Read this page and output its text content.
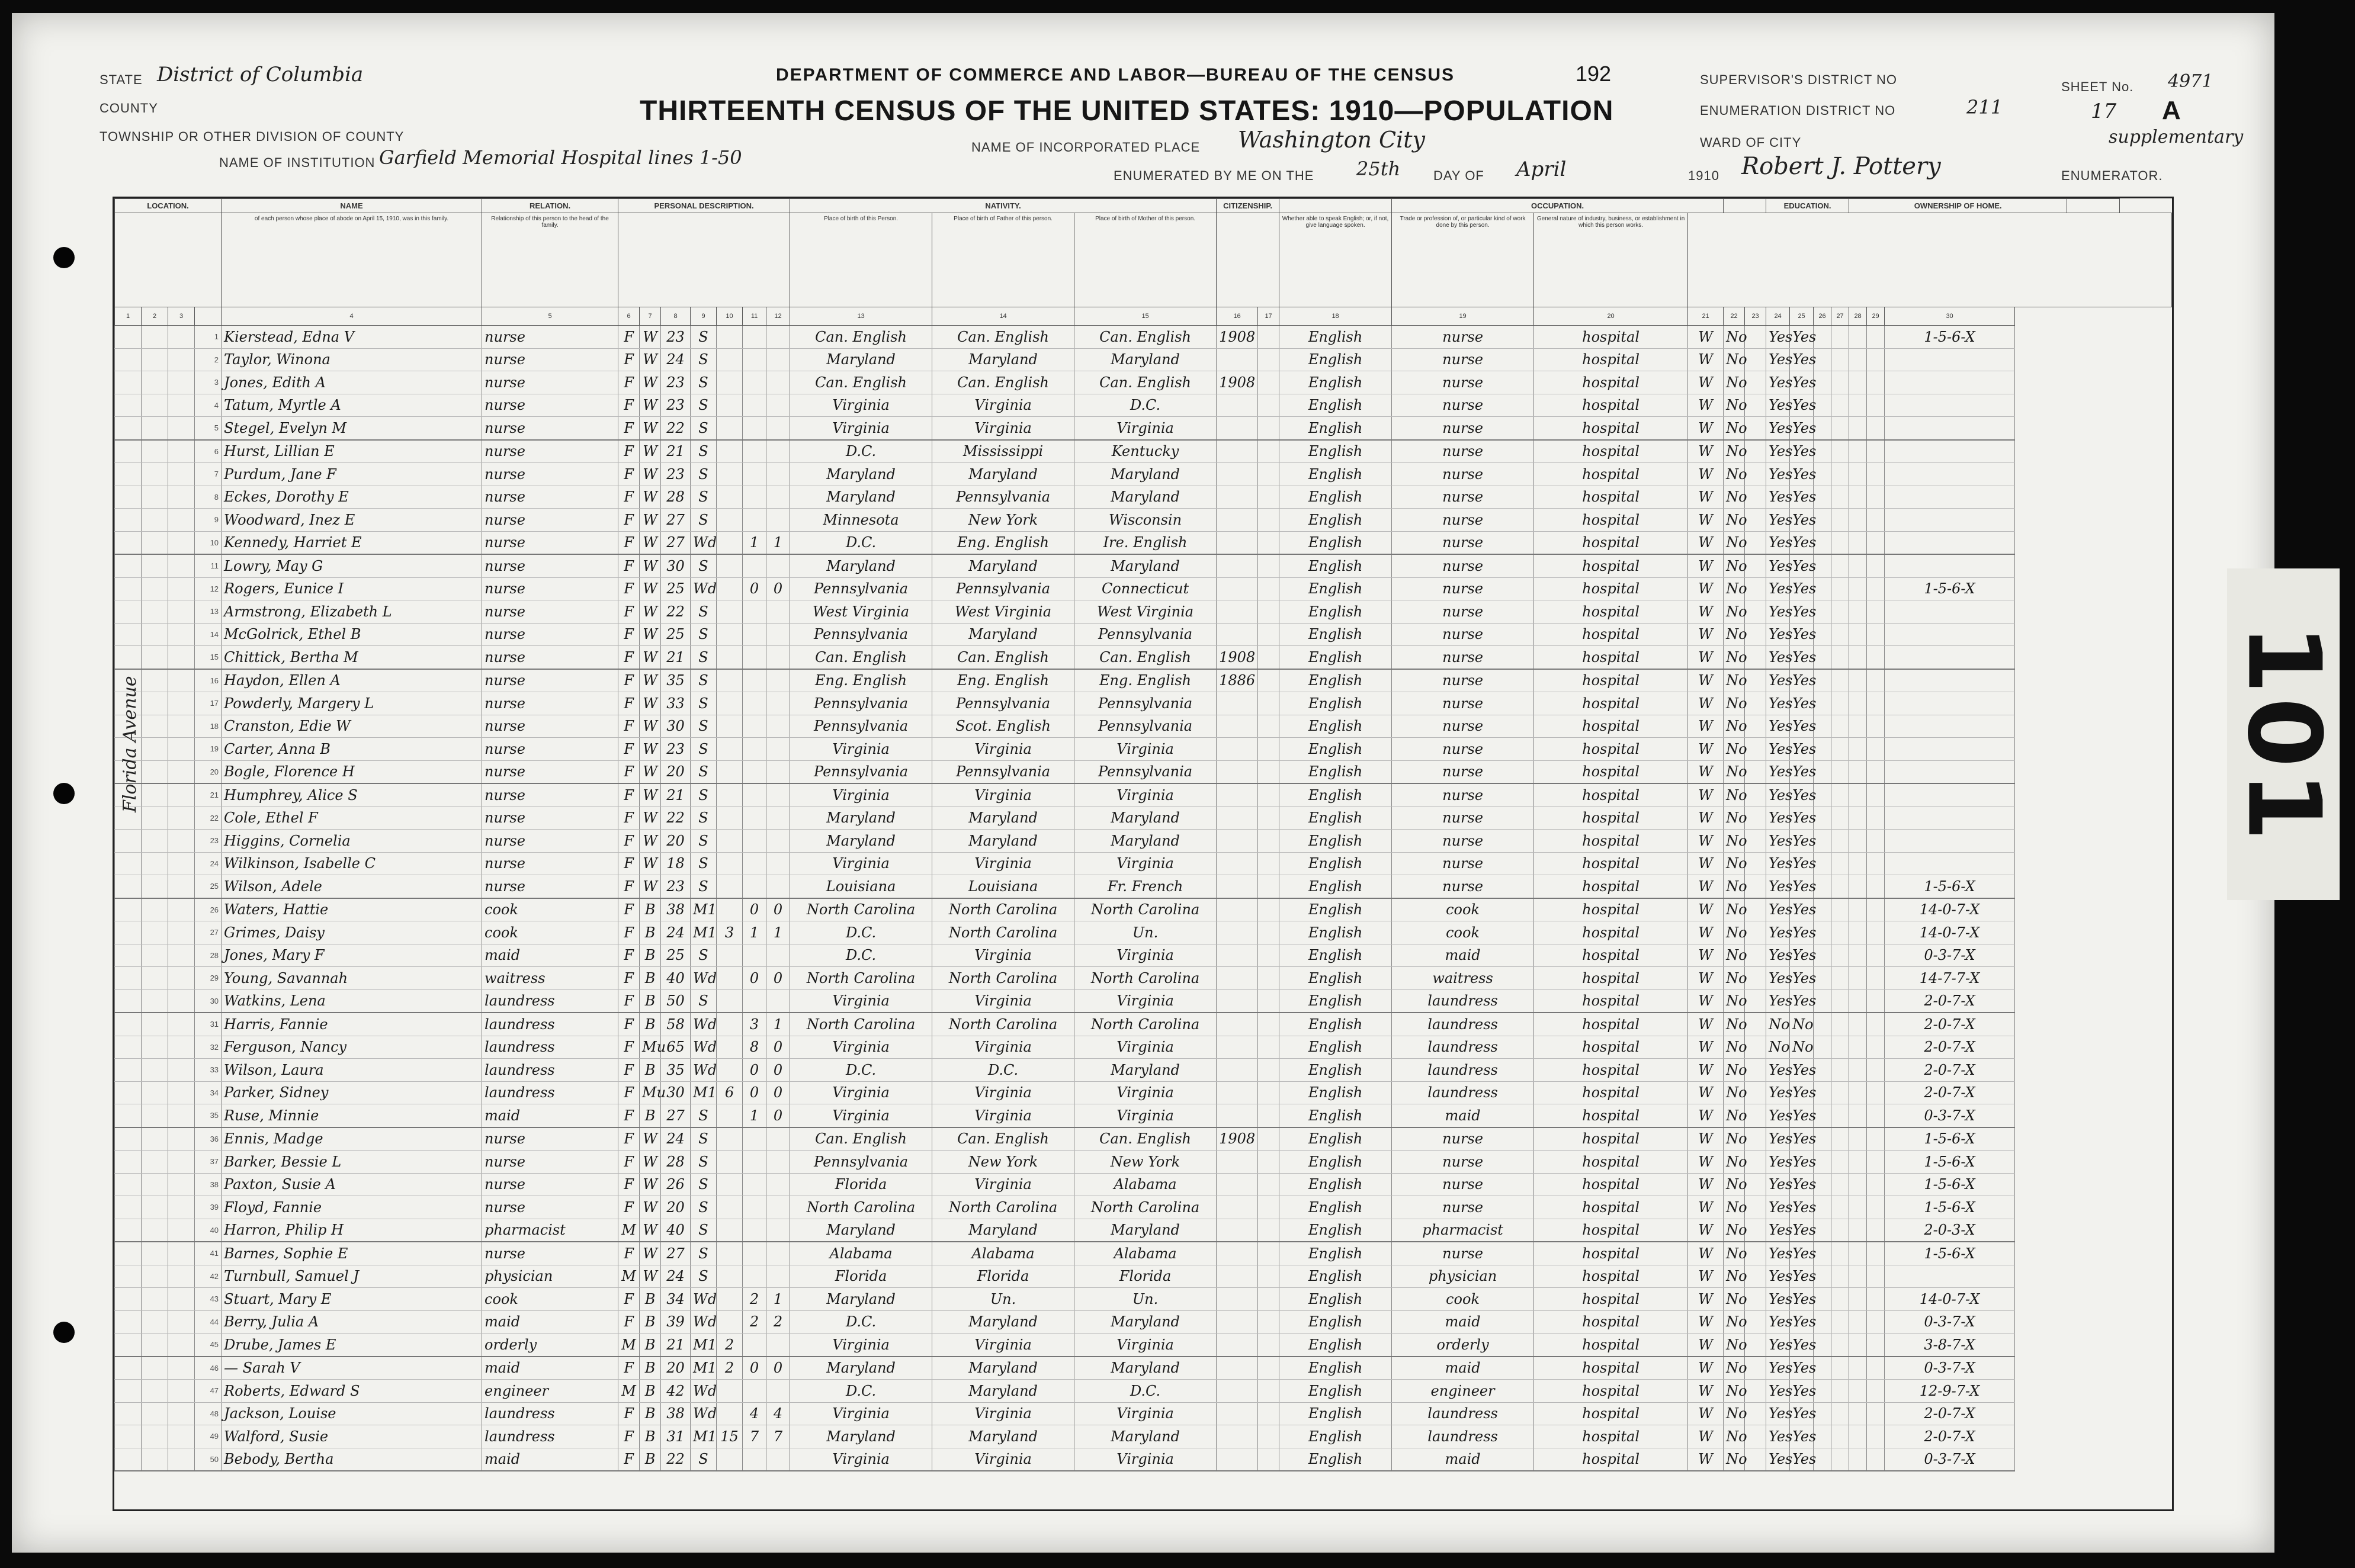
STATE District of Columbia
COUNTY
TOWNSHIP OR OTHER DIVISION OF COUNTY
NAME OF INSTITUTION Garfield Memorial Hospital lines 1-50
DEPARTMENT OF COMMERCE AND LABOR—BUREAU OF THE CENSUS
THIRTEENTH CENSUS OF THE UNITED STATES: 1910—POPULATION
192
NAME OF INCORPORATED PLACE Washington City
ENUMERATED BY ME ON THE 25th	DAY OF April	1910 Robert J. Pottery
SUPERVISOR'S DISTRICT NO
ENUMERATION DISTRICT NO	211
WARD OF CITY
SHEET No. 4971
17 A
supplementary
ENUMERATOR.
LOCATION.				NAME	RELATION.	PERSONAL DESCRIPTION.							NATIVITY.			CITIZENSHIP.			OCCUPATION.					EDUCATION.				OWNERSHIP OF HOME.			
				of each person whose place of abode on April 15, 1910, was in this family.	Relationship of this person to the head of the family.								Place of birth of this Person.	Place of birth of Father of this person.	Place of birth of Mother of this person.			Whether able to speak English; or, if not, give language spoken.	Trade or profession of, or particular kind of work done by this person.	General nature of industry, business, or establishment in which this person works.											
1	2	3		4	5	6	7	8	9	10	11	12	13	14	15	16	17	18	19	20	21	22	23	24	25	26	27	28	29	30	
			1	Kierstead, Edna V	nurse	F	W	23	S				Can. English	Can. English	Can. English	1908		English	nurse	hospital	W	No		Yes	Yes					1-5-6-X	
			2	Taylor, Winona	nurse	F	W	24	S				Maryland	Maryland	Maryland			English	nurse	hospital	W	No		Yes	Yes						
			3	Jones, Edith A	nurse	F	W	23	S				Can. English	Can. English	Can. English	1908		English	nurse	hospital	W	No		Yes	Yes						
			4	Tatum, Myrtle A	nurse	F	W	23	S				Virginia	Virginia	D.C.			English	nurse	hospital	W	No		Yes	Yes						
			5	Stegel, Evelyn M	nurse	F	W	22	S				Virginia	Virginia	Virginia			English	nurse	hospital	W	No		Yes	Yes						
			6	Hurst, Lillian E	nurse	F	W	21	S				D.C.	Mississippi	Kentucky			English	nurse	hospital	W	No		Yes	Yes						
			7	Purdum, Jane F	nurse	F	W	23	S				Maryland	Maryland	Maryland			English	nurse	hospital	W	No		Yes	Yes						
			8	Eckes, Dorothy E	nurse	F	W	28	S				Maryland	Pennsylvania	Maryland			English	nurse	hospital	W	No		Yes	Yes						
			9	Woodward, Inez E	nurse	F	W	27	S				Minnesota	New York	Wisconsin			English	nurse	hospital	W	No		Yes	Yes						
			10	Kennedy, Harriet E	nurse	F	W	27	Wd		1	1	D.C.	Eng. English	Ire. English			English	nurse	hospital	W	No		Yes	Yes						
			11	Lowry, May G	nurse	F	W	30	S				Maryland	Maryland	Maryland			English	nurse	hospital	W	No		Yes	Yes						
			12	Rogers, Eunice I	nurse	F	W	25	Wd		0	0	Pennsylvania	Pennsylvania	Connecticut			English	nurse	hospital	W	No		Yes	Yes					1-5-6-X	
			13	Armstrong, Elizabeth L	nurse	F	W	22	S				West Virginia	West Virginia	West Virginia			English	nurse	hospital	W	No		Yes	Yes						
			14	McGolrick, Ethel B	nurse	F	W	25	S				Pennsylvania	Maryland	Pennsylvania			English	nurse	hospital	W	No		Yes	Yes						
			15	Chittick, Bertha M	nurse	F	W	21	S				Can. English	Can. English	Can. English	1908		English	nurse	hospital	W	No		Yes	Yes						
			16	Haydon, Ellen A	nurse	F	W	35	S				Eng. English	Eng. English	Eng. English	1886		English	nurse	hospital	W	No		Yes	Yes						
			17	Powderly, Margery L	nurse	F	W	33	S				Pennsylvania	Pennsylvania	Pennsylvania			English	nurse	hospital	W	No		Yes	Yes						
			18	Cranston, Edie W	nurse	F	W	30	S				Pennsylvania	Scot. English	Pennsylvania			English	nurse	hospital	W	No		Yes	Yes						
			19	Carter, Anna B	nurse	F	W	23	S				Virginia	Virginia	Virginia			English	nurse	hospital	W	No		Yes	Yes						
			20	Bogle, Florence H	nurse	F	W	20	S				Pennsylvania	Pennsylvania	Pennsylvania			English	nurse	hospital	W	No		Yes	Yes						
			21	Humphrey, Alice S	nurse	F	W	21	S				Virginia	Virginia	Virginia			English	nurse	hospital	W	No		Yes	Yes						
			22	Cole, Ethel F	nurse	F	W	22	S				Maryland	Maryland	Maryland			English	nurse	hospital	W	No		Yes	Yes						
			23	Higgins, Cornelia	nurse	F	W	20	S				Maryland	Maryland	Maryland			English	nurse	hospital	W	No		Yes	Yes						
			24	Wilkinson, Isabelle C	nurse	F	W	18	S				Virginia	Virginia	Virginia			English	nurse	hospital	W	No		Yes	Yes						
			25	Wilson, Adele	nurse	F	W	23	S				Louisiana	Louisiana	Fr. French			English	nurse	hospital	W	No		Yes	Yes					1-5-6-X	
			26	Waters, Hattie	cook	F	B	38	M1		0	0	North Carolina	North Carolina	North Carolina			English	cook	hospital	W	No		Yes	Yes					14-0-7-X	
			27	Grimes, Daisy	cook	F	B	24	M1	3	1	1	D.C.	North Carolina	Un.			English	cook	hospital	W	No		Yes	Yes					14-0-7-X	
			28	Jones, Mary F	maid	F	B	25	S				D.C.	Virginia	Virginia			English	maid	hospital	W	No		Yes	Yes					0-3-7-X	
			29	Young, Savannah	waitress	F	B	40	Wd		0	0	North Carolina	North Carolina	North Carolina			English	waitress	hospital	W	No		Yes	Yes					14-7-7-X	
			30	Watkins, Lena	laundress	F	B	50	S				Virginia	Virginia	Virginia			English	laundress	hospital	W	No		Yes	Yes					2-0-7-X	
			31	Harris, Fannie	laundress	F	B	58	Wd		3	1	North Carolina	North Carolina	North Carolina			English	laundress	hospital	W	No		No	No					2-0-7-X	
			32	Ferguson, Nancy	laundress	F	Mu	65	Wd		8	0	Virginia	Virginia	Virginia			English	laundress	hospital	W	No		No	No					2-0-7-X	
			33	Wilson, Laura	laundress	F	B	35	Wd		0	0	D.C.	D.C.	Maryland			English	laundress	hospital	W	No		Yes	Yes					2-0-7-X	
			34	Parker, Sidney	laundress	F	Mu	30	M1	6	0	0	Virginia	Virginia	Virginia			English	laundress	hospital	W	No		Yes	Yes					2-0-7-X	
			35	Ruse, Minnie	maid	F	B	27	S		1	0	Virginia	Virginia	Virginia			English	maid	hospital	W	No		Yes	Yes					0-3-7-X	
			36	Ennis, Madge	nurse	F	W	24	S				Can. English	Can. English	Can. English	1908		English	nurse	hospital	W	No		Yes	Yes					1-5-6-X	
			37	Barker, Bessie L	nurse	F	W	28	S				Pennsylvania	New York	New York			English	nurse	hospital	W	No		Yes	Yes					1-5-6-X	
			38	Paxton, Susie A	nurse	F	W	26	S				Florida	Virginia	Alabama			English	nurse	hospital	W	No		Yes	Yes					1-5-6-X	
			39	Floyd, Fannie	nurse	F	W	20	S				North Carolina	North Carolina	North Carolina			English	nurse	hospital	W	No		Yes	Yes					1-5-6-X	
			40	Harron, Philip H	pharmacist	M	W	40	S				Maryland	Maryland	Maryland			English	pharmacist	hospital	W	No		Yes	Yes					2-0-3-X	
			41	Barnes, Sophie E	nurse	F	W	27	S				Alabama	Alabama	Alabama			English	nurse	hospital	W	No		Yes	Yes					1-5-6-X	
			42	Turnbull, Samuel J	physician	M	W	24	S				Florida	Florida	Florida			English	physician	hospital	W	No		Yes	Yes						
			43	Stuart, Mary E	cook	F	B	34	Wd		2	1	Maryland	Un.	Un.			English	cook	hospital	W	No		Yes	Yes					14-0-7-X	
			44	Berry, Julia A	maid	F	B	39	Wd		2	2	D.C.	Maryland	Maryland			English	maid	hospital	W	No		Yes	Yes					0-3-7-X	
			45	Drube, James E	orderly	M	B	21	M1	2			Virginia	Virginia	Virginia			English	orderly	hospital	W	No		Yes	Yes					3-8-7-X	
			46	— Sarah V	maid	F	B	20	M1	2	0	0	Maryland	Maryland	Maryland			English	maid	hospital	W	No		Yes	Yes					0-3-7-X	
			47	Roberts, Edward S	engineer	M	B	42	Wd				D.C.	Maryland	D.C.			English	engineer	hospital	W	No		Yes	Yes					12-9-7-X	
			48	Jackson, Louise	laundress	F	B	38	Wd		4	4	Virginia	Virginia	Virginia			English	laundress	hospital	W	No		Yes	Yes					2-0-7-X	
			49	Walford, Susie	laundress	F	B	31	M1	15	7	7	Maryland	Maryland	Maryland			English	laundress	hospital	W	No		Yes	Yes					2-0-7-X	
			50	Bebody, Bertha	maid	F	B	22	S				Virginia	Virginia	Virginia			English	maid	hospital	W	No		Yes	Yes					0-3-7-X	
Florida Avenue	101
